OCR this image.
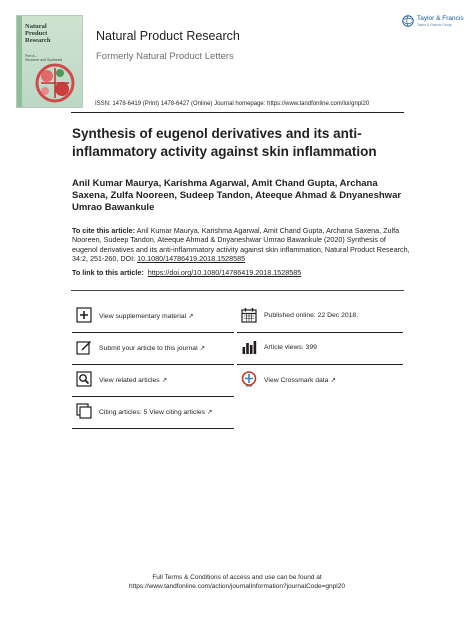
Natural
Product
Research
Part A –
Structure and Synthesis
Natural Product Research
Formerly Natural Product Letters
Taylor & Francis
Taylor & Francis Group
ISSN: 1478-6419 (Print) 1478-6427 (Online) Journal homepage: https://www.tandfonline.com/loi/gnpl20
Synthesis of eugenol derivatives and its anti-inflammatory activity against skin inflammation
Anil Kumar Maurya, Karishma Agarwal, Amit Chand Gupta, Archana Saxena, Zulfa Nooreen, Sudeep Tandon, Ateeque Ahmad & Dnyaneshwar Umrao Bawankule
To cite this article: Anil Kumar Maurya, Karishma Agarwal, Amit Chand Gupta, Archana Saxena, Zulfa Nooreen, Sudeep Tandon, Ateeque Ahmad & Dnyaneshwar Umrao Bawankule (2020) Synthesis of eugenol derivatives and its anti-inflammatory activity against skin inflammation, Natural Product Research, 34:2, 251-260, DOI: 10.1080/14786419.2018.1528585
To link to this article: https://doi.org/10.1080/14786419.2018.1528585
View supplementary material ↗
Submit your article to this journal ↗
View related articles ↗
Citing articles: 5 View citing articles ↗
Published online: 22 Dec 2018.
Article views: 399
View Crossmark data ↗
Full Terms & Conditions of access and use can be found at
https://www.tandfonline.com/action/journalInformation?journalCode=gnpl20
